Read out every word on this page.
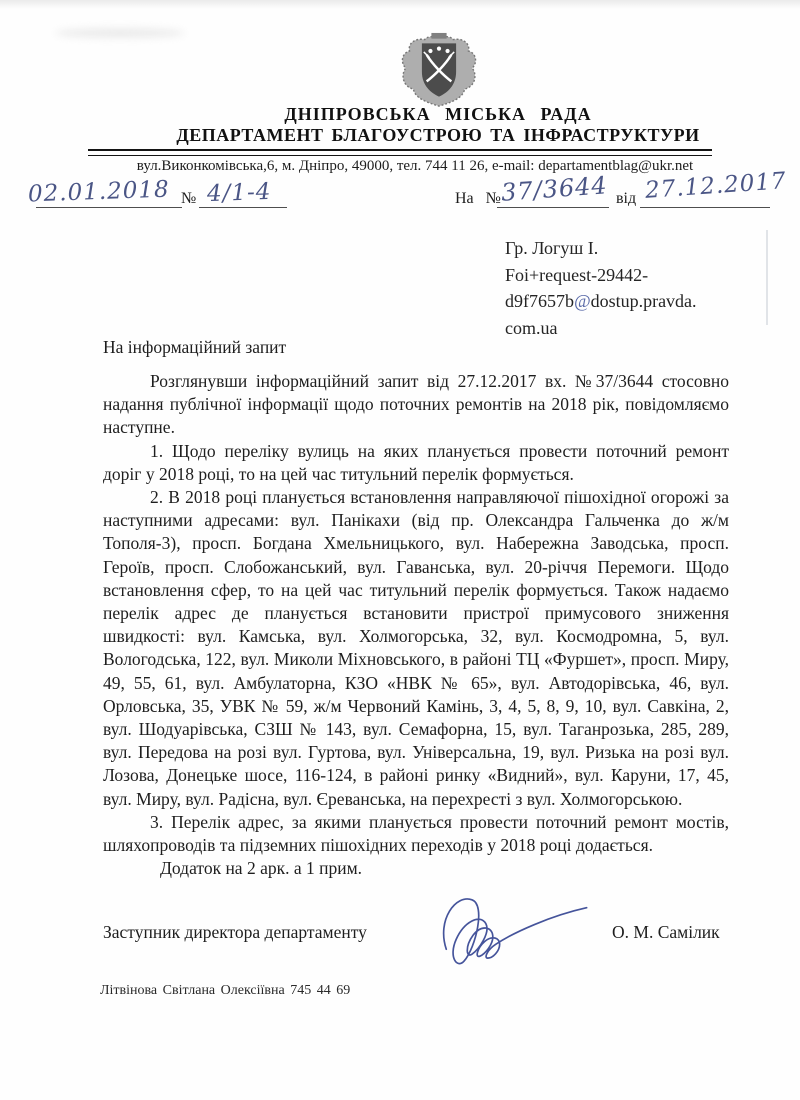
ДНІПРОВСЬКА МІСЬКА РАДА
ДЕПАРТАМЕНТ БЛАГОУСТРОЮ ТА ІНФРАСТРУКТУРИ
вул.Виконкомівська,6, м. Дніпро, 49000, тел. 744 11 26, e-mail: departamentblag@ukr.net
02.01.2018 № 4/1-4	На № 37/3644 від 27.12.2017
Гр. Логуш І.
Foi+request-29442-
d9f7657b@dostup.pravda.
com.ua
На інформаційний запит

Розглянувши інформаційний запит від 27.12.2017 вх. №37/3644 стосовно надання публічної інформації щодо поточних ремонтів на 2018 рік, повідомляємо наступне.

1. Щодо переліку вулиць на яких планується провести поточний ремонт доріг у 2018 році, то на цей час титульний перелік формується.

2. В 2018 році планується встановлення направляючої пішохідної огорожі за наступними адресами: вул. Панікахи (від пр. Олександра Гальченка до ж/м Тополя-3), просп. Богдана Хмельницького, вул. Набережна Заводська, просп. Героїв, просп. Слобожанський, вул. Гаванська, вул. 20-річчя Перемоги. Щодо встановлення сфер, то на цей час титульний перелік формується. Також надаємо перелік адрес де планується встановити пристрої примусового зниження швидкості: вул. Камська, вул. Холмогорська, 32, вул. Космодромна, 5, вул. Вологодська, 122, вул. Миколи Міхновського, в районі ТЦ «Фуршет», просп. Миру, 49, 55, 61, вул. Амбулаторна, КЗО «НВК № 65», вул. Автодорівська, 46, вул. Орловська, 35, УВК № 59, ж/м Червоний Камінь, 3, 4, 5, 8, 9, 10, вул. Савкіна, 2, вул. Шодуарівська, СЗШ № 143, вул. Семафорна, 15, вул. Таганрозька, 285, 289, вул. Передова на розі вул. Гуртова, вул. Універсальна, 19, вул. Ризька на розі вул. Лозова, Донецьке шосе, 116-124, в районі ринку «Видний», вул. Каруни, 17, 45, вул. Миру, вул. Радісна, вул. Єреванська, на перехресті з вул. Холмогорською.

3. Перелік адрес, за якими планується провести поточний ремонт мостів, шляхопроводів та підземних пішохідних переходів у 2018 році додається.

Додаток на 2 арк. а 1 прим.

Заступник директора департаменту	О. М. Самілик
Літвінова Світлана Олексіївна 745 44 69
